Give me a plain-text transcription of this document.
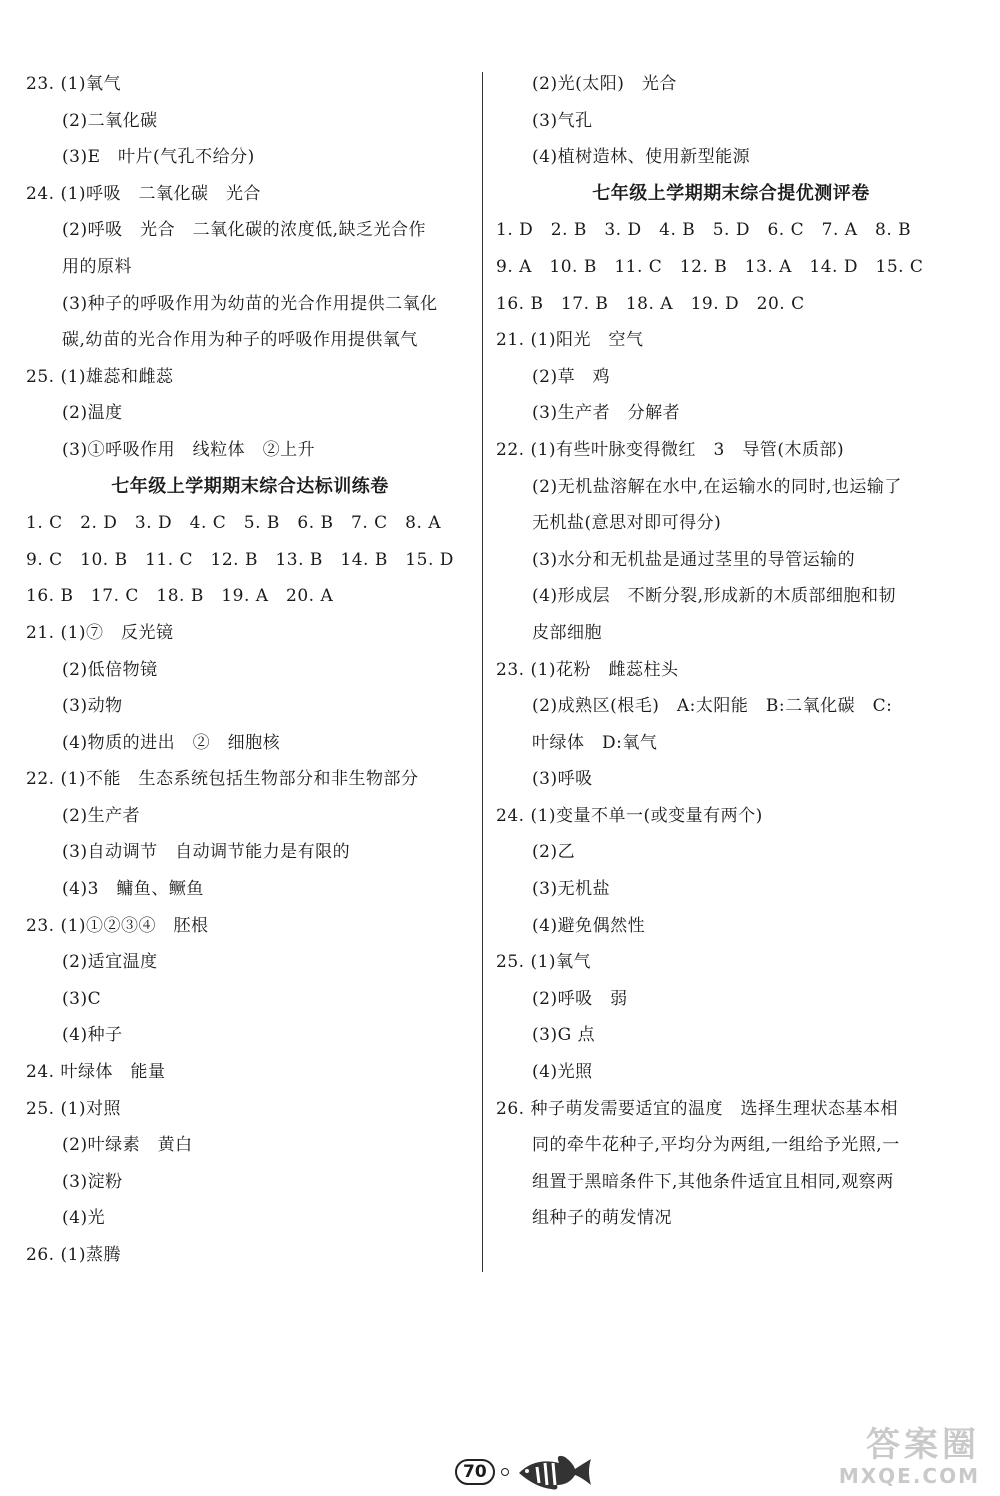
23. (1)氧气
(2)二氧化碳
(3)E　叶片(气孔不给分)
24. (1)呼吸　二氧化碳　光合
(2)呼吸　光合　二氧化碳的浓度低,缺乏光合作
用的原料
(3)种子的呼吸作用为幼苗的光合作用提供二氧化
碳,幼苗的光合作用为种子的呼吸作用提供氧气
25. (1)雄蕊和雌蕊
(2)温度
(3)①呼吸作用　线粒体　②上升
七年级上学期期末综合达标训练卷
1. C　2. D　3. D　4. C　5. B　6. B　7. C　8. A
9. C　10. B　11. C　12. B　13. B　14. B　15. D
16. B　17. C　18. B　19. A　20. A
21. (1)⑦　反光镜
(2)低倍物镜
(3)动物
(4)物质的进出　②　细胞核
22. (1)不能　生态系统包括生物部分和非生物部分
(2)生产者
(3)自动调节　自动调节能力是有限的
(4)3　鳙鱼、鳜鱼
23. (1)①②③④　胚根
(2)适宜温度
(3)C
(4)种子
24. 叶绿体　能量
25. (1)对照
(2)叶绿素　黄白
(3)淀粉
(4)光
26. (1)蒸腾
(2)光(太阳)　光合
(3)气孔
(4)植树造林、使用新型能源
七年级上学期期末综合提优测评卷
1. D　2. B　3. D　4. B　5. D　6. C　7. A　8. B
9. A　10. B　11. C　12. B　13. A　14. D　15. C
16. B　17. B　18. A　19. D　20. C
21. (1)阳光　空气
(2)草　鸡
(3)生产者　分解者
22. (1)有些叶脉变得微红　3　导管(木质部)
(2)无机盐溶解在水中,在运输水的同时,也运输了
无机盐(意思对即可得分)
(3)水分和无机盐是通过茎里的导管运输的
(4)形成层　不断分裂,形成新的木质部细胞和韧
皮部细胞
23. (1)花粉　雌蕊柱头
(2)成熟区(根毛)　A:太阳能　B:二氧化碳　C:
叶绿体　D:氧气
(3)呼吸
24. (1)变量不单一(或变量有两个)
(2)乙
(3)无机盐
(4)避免偶然性
25. (1)氧气
(2)呼吸　弱
(3)G 点
(4)光照
26. 种子萌发需要适宜的温度　选择生理状态基本相
同的牵牛花种子,平均分为两组,一组给予光照,一
组置于黑暗条件下,其他条件适宜且相同,观察两
组种子的萌发情况
70
答案圈
MXQE.COM
